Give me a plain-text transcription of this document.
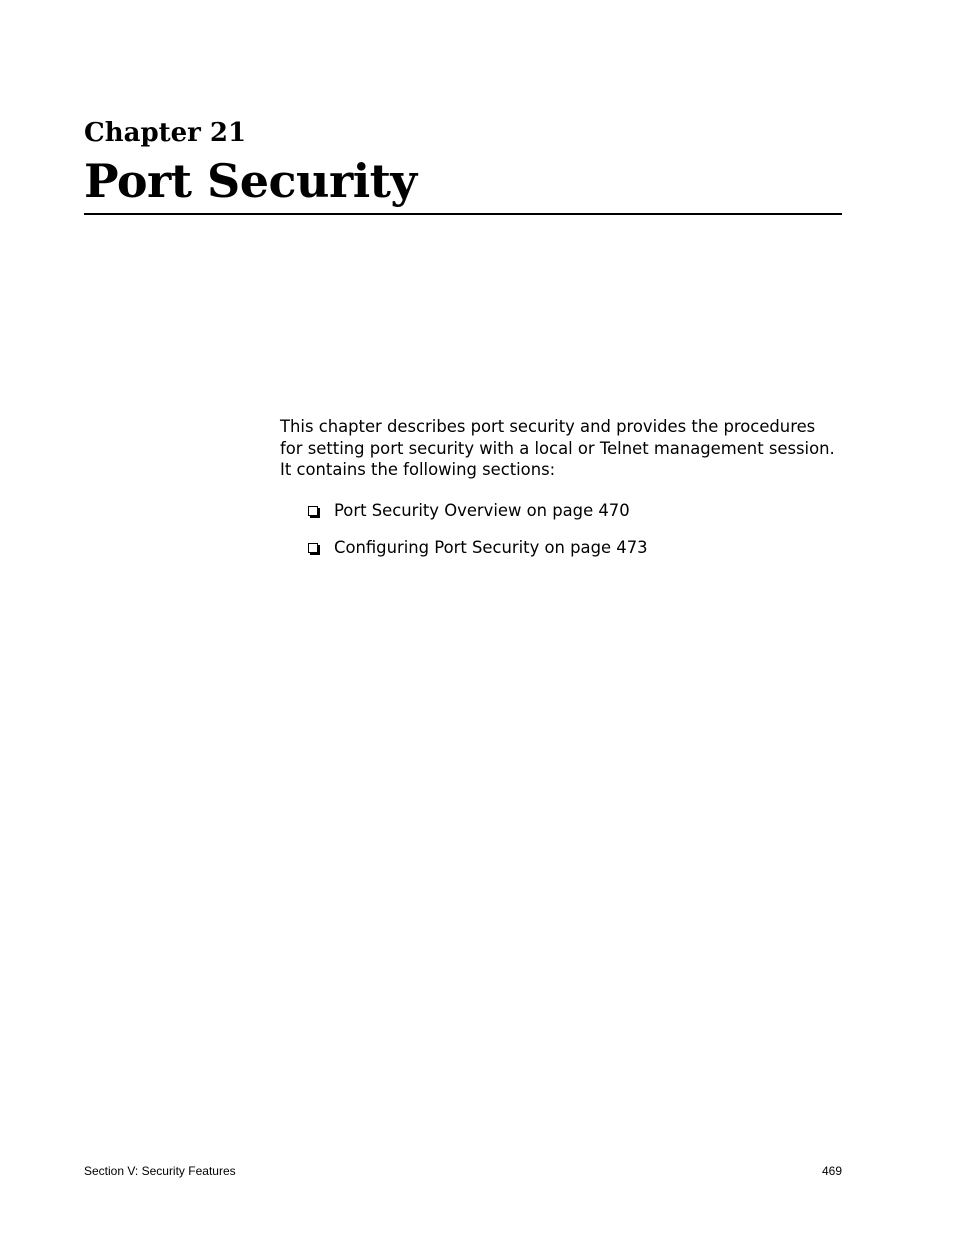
Chapter 21
Port Security

This chapter describes port security and provides the procedures for setting port security with a local or Telnet management session. It contains the following sections:

Port Security Overview on page 470
Configuring Port Security on page 473
Section V: Security Features	469
